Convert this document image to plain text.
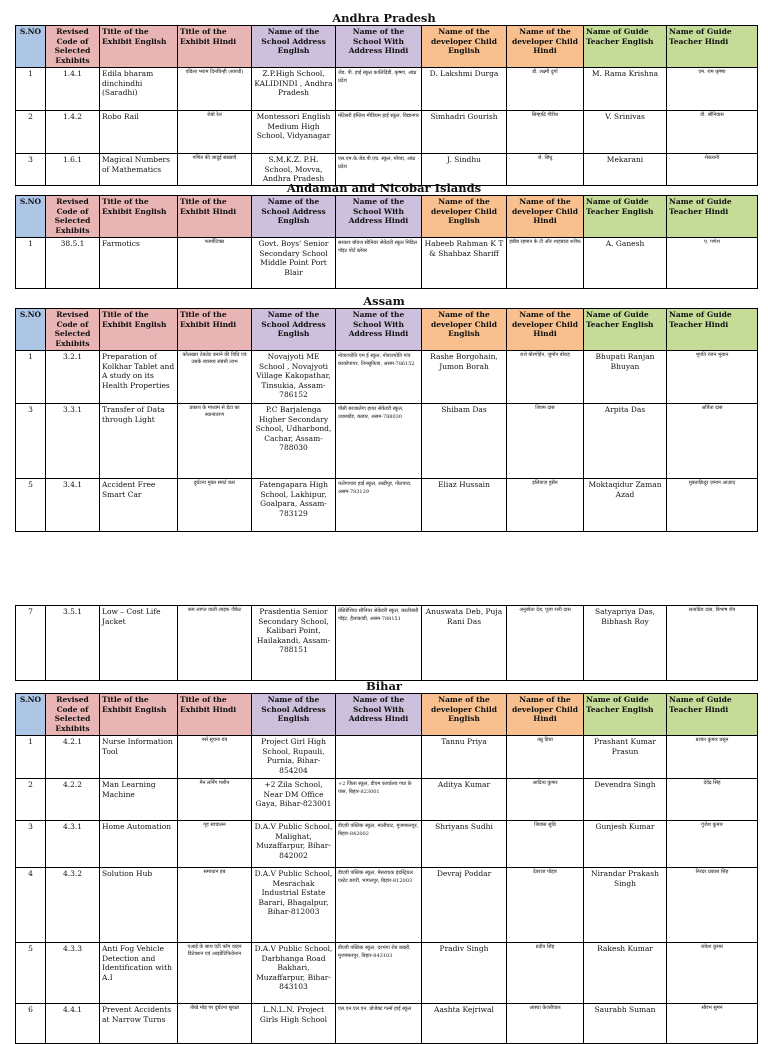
Andhra Pradesh
S.NO	Revised Code of Selected Exhibits	Title of the Exhibit English	Title of the Exhibit Hindi	Name of the School Address English	Name of the School With Address Hindi	Name of the developer Child English	Name of the developer Child Hindi	Name of Guide Teacher English	Name of Guide Teacher Hindi
1	1.4.1	Edila bharam dinchindhi (Saradhi)	एडिला भराम दिनचिन्ही (सारथी)	Z.P.High School, KALIDINDI , Andhra Pradesh	जेड. पी. हाई स्कूल कालिदिंडी, कृष्णा, आंध्र प्रदेश	D. Lakshmi Durga	डी. लक्ष्मी दुर्गा	M. Rama Krishna	एम. राम कृष्णा
2	1.4.2	Robo Rail	रोबो रेल	Montessori English Medium High School, Vidyanagar	मोंटेसरी इंग्लिश मीडियम हाई स्कूल, विद्यानगर	Simhadri Gourish	सिम्हाद्रि गौरीश	V. Srinivas	वी. श्रीनिवास
3	1.6.1	Magical Numbers of Mathematics	गणित की जादुई संख्याएँ	S.M.K.Z. P.H. School, Movva, Andhra Pradesh	एस.एम.के.जेड.पी.एच. स्कूल, मोव्वा, आंध्र प्रदेश	J. Sindhu	जे. सिंधु	Mekarani	मेकरानी
Andaman and Nicobar Islands
S.NO	Revised Code of Selected Exhibits	Title of the Exhibit English	Title of the Exhibit Hindi	Name of the School Address English	Name of the School With Address Hindi	Name of the developer Child English	Name of the developer Child Hindi	Name of Guide Teacher English	Name of Guide Teacher Hindi
1	38.5.1	Farmotics	फार्मोटिक्स	Govt. Boys' Senior Secondary School Middle Point Port Blair	सरकार बॉयज सीनियर सेकेंडरी स्कूल मिडिल पॉइंट पोर्ट ब्लेयर	Habeeb Rahman K T & Shahbaz Shariff	हबीब रहमान के टी और शाहबाज शरीफ	A. Ganesh	ए. गणेश
Assam
S.NO	Revised Code of Selected Exhibits	Title of the Exhibit English	Title of the Exhibit Hindi	Name of the School Address English	Name of the School With Address Hindi	Name of the developer Child English	Name of the developer Child Hindi	Name of Guide Teacher English	Name of Guide Teacher Hindi
1	3.2.1	Preparation of Kolkhar Tablet and A study on its Health Properties	कोलखार टेबलेट बनाने की विधि एवं उसके स्वास्थ्य संबंधी लाभ	Novajyoti ME School , Novajyoti Village Kakopathar, Tinsukia, Assam-786152	नोवाज्योति एम ई स्कूल, नोवाज्योति गांव काकोपाथर, तिनसुकिया, असम-786152	Rashe Borgohain, Jumon Borah	राशे बोरगोहेन, जुमोन बोराह	Bhupati Ranjan Bhuyan	भूपति रंजन भुयान
3	3.3.1	Transfer of Data through Light	प्रकाश के माध्यम से डेटा का स्थानांतरण	P.C Barjalenga Higher Secondary School, Udharbond, Cachar, Assam-788030	पीसी बरजालेंगा हायर सेकेंडरी स्कूल, उधारबोंड, कछार, असम-788030	Shibam Das	शिवम दास	Arpita Das	अर्पिता दास
5	3.4.1	Accident Free Smart Car	दुर्घटना मुक्त स्मार्ट कार	Fatengapara High School, Lakhipur, Goalpara, Assam-783129	फतेंगापारा हाई स्कूल, लखीपुर, गोलपारा, असम-783129	Eliaz Hussain	इलियाज़ हुसैन	Moktaqidur Zaman Azad	मुक्ताक़िदुर ज़मान आज़ाद
7	3.5.1	Low – Cost Life Jacket	कम लागत वाली लाइफ जैकेट	Prasdentia Senior Secondary School, Kalibari Point, Hailakandi, Assam- 788151	प्रेसिडेंशिया सीनियर सेकेंडरी स्कूल, कालीबारी पॉइंट, हैलाकांडी, असम-788151	Anuswata Deb, Puja Rani Das	अनुस्वेता देब, पूजा रानी दास	Satyapriya Das, Bibhash Roy	सत्यप्रिय दास, बिभाष रॉय
Bihar
S.NO	Revised Code of Selected Exhibits	Title of the Exhibit English	Title of the Exhibit Hindi	Name of the School Address English	Name of the School With Address Hindi	Name of the developer Child English	Name of the developer Child Hindi	Name of Guide Teacher English	Name of Guide Teacher Hindi
1	4.2.1	Nurse Information Tool	नर्स सूचना यंत्र	Project Girl High School, Rupauli, Purnia, Bihar-854204		Tannu Priya	तन्नु प्रिया	Prashant Kumar Prasun	प्रशांत कुमार प्रसून
2	4.2.2	Man Learning Machine	मैन लर्निंग मशीन	+2 Zila School, Near DM Office Gaya, Bihar-823001	+2 जिला स्कूल, डीएम कार्यालय गया के पास, बिहार-823001	Aditya Kumar	आदित्य कुमार	Devendra Singh	देवेंद्र सिंह
3	4.3.1	Home Automation	गृह स्वचालन	D.A.V Public School, Malighat, Muzaffarpur, Bihar-842002	डीएवी पब्लिक स्कूल, मालीघाट, मुजफ्फरपुर, बिहार-842002	Shriyans Sudhi	श्रियांस सुधि	Gunjesh Kumar	गुंजेश कुमार
4	4.3.2	Solution Hub	समाधान हब	D.A.V Public School, Mesrachak Industrial Estate Barari, Bhagalpur, Bihar-812003	डीएवी पब्लिक स्कूल, मेसराचक इंडस्ट्रियल एस्टेट बरारी, भागलपुर, बिहार-812003	Devraj Poddar	देवराज पोद्दार	Nirandar Prakash Singh	निरंदर प्रकाश सिंह
5	4.3.3	Anti Fog Vehicle Detection and Identification with A.I	एआई के साथ एंटी फॉग वाहन डिटेक्शन एवं आइडेंटिफिकेशन	D.A.V Public School, Darbhanga Road Bakhari, Muzaffarpur, Bihar-843103	डीएवी पब्लिक स्कूल, दरभंगा रोड बखरी, मुजफ्फरपुर, बिहार-843103	Pradiv Singh	प्रदीव सिंह	Rakesh Kumar	राकेश कुमार
6	4.4.1	Prevent Accidents at Narrow Turns	तीखे मोड़ पर दुर्घटना सुरक्षा	L.N.L.N. Project Girls High School	एल.एन.एल.एन. प्रोजेक्ट गर्ल्स हाई स्कूल	Aashta Kejriwal	आस्था केजरीवाल	Saurabh Suman	सौरभ सुमन
